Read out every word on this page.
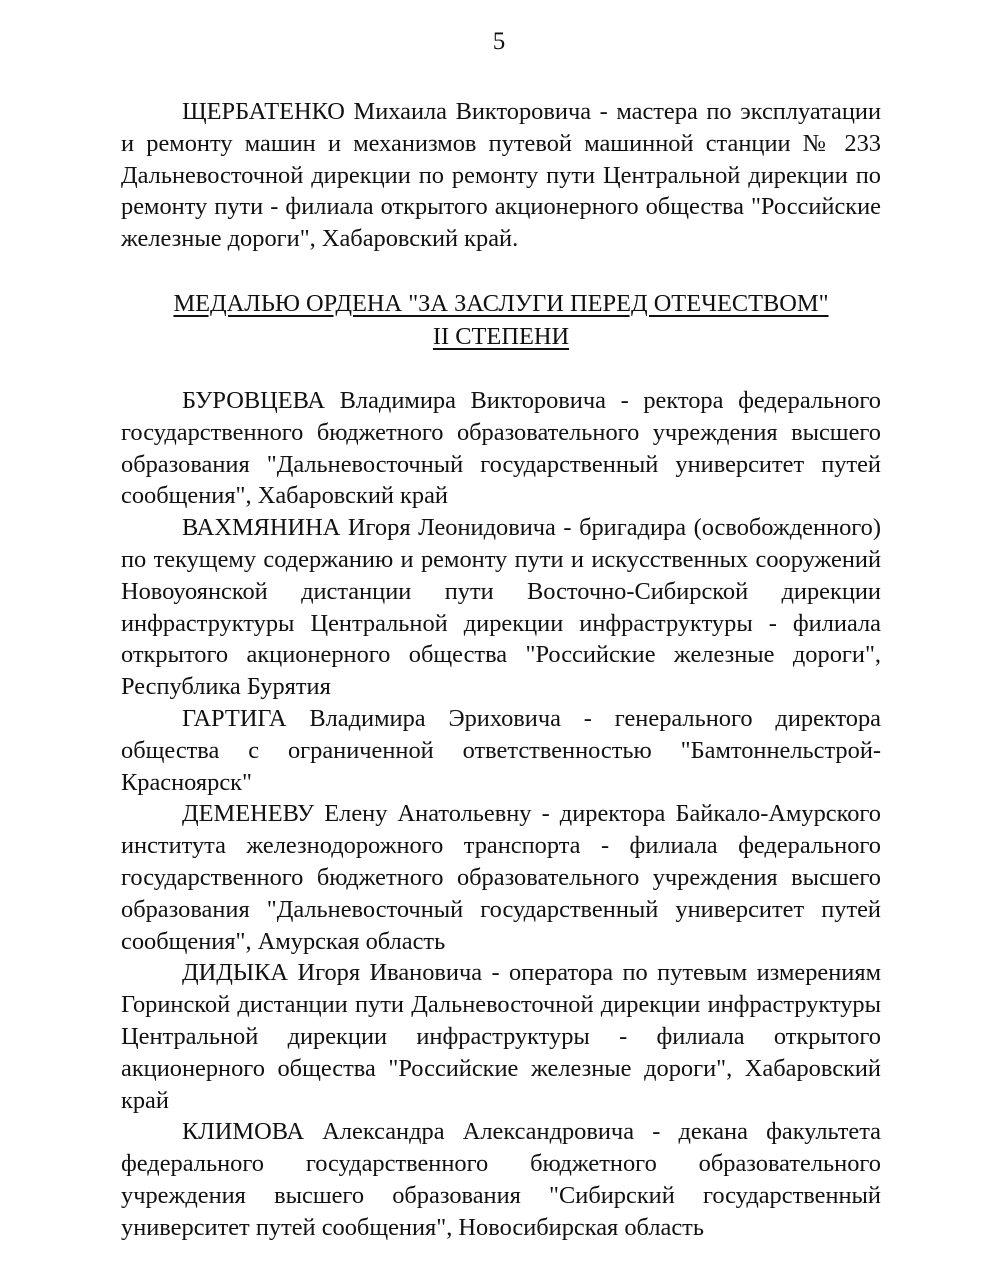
5

ЩЕРБАТЕНКО Михаила Викторовича - мастера по эксплуатации и ремонту машин и механизмов путевой машинной станции № 233 Дальневосточной дирекции по ремонту пути Центральной дирекции по ремонту пути - филиала открытого акционерного общества "Российские железные дороги", Хабаровский край.

МЕДАЛЬЮ ОРДЕНА "ЗА ЗАСЛУГИ ПЕРЕД ОТЕЧЕСТВОМ"
II СТЕПЕНИ

БУРОВЦЕВА Владимира Викторовича - ректора федерального государственного бюджетного образовательного учреждения высшего образования "Дальневосточный государственный университет путей сообщения", Хабаровский край

ВАХМЯНИНА Игоря Леонидовича - бригадира (освобожденного) по текущему содержанию и ремонту пути и искусственных сооружений Новоуоянской дистанции пути Восточно-Сибирской дирекции инфраструктуры Центральной дирекции инфраструктуры - филиала открытого акционерного общества "Российские железные дороги", Республика Бурятия

ГАРТИГА Владимира Эриховича - генерального директора общества с ограниченной ответственностью "Бамтоннельстрой-Красноярск"

ДЕМЕНЕВУ Елену Анатольевну - директора Байкало-Амурского института железнодорожного транспорта - филиала федерального государственного бюджетного образовательного учреждения высшего образования "Дальневосточный государственный университет путей сообщения", Амурская область

ДИДЫКА Игоря Ивановича - оператора по путевым измерениям Горинской дистанции пути Дальневосточной дирекции инфраструктуры Центральной дирекции инфраструктуры - филиала открытого акционерного общества "Российские железные дороги", Хабаровский край

КЛИМОВА Александра Александровича - декана факультета федерального государственного бюджетного образовательного учреждения высшего образования "Сибирский государственный университет путей сообщения", Новосибирская область
